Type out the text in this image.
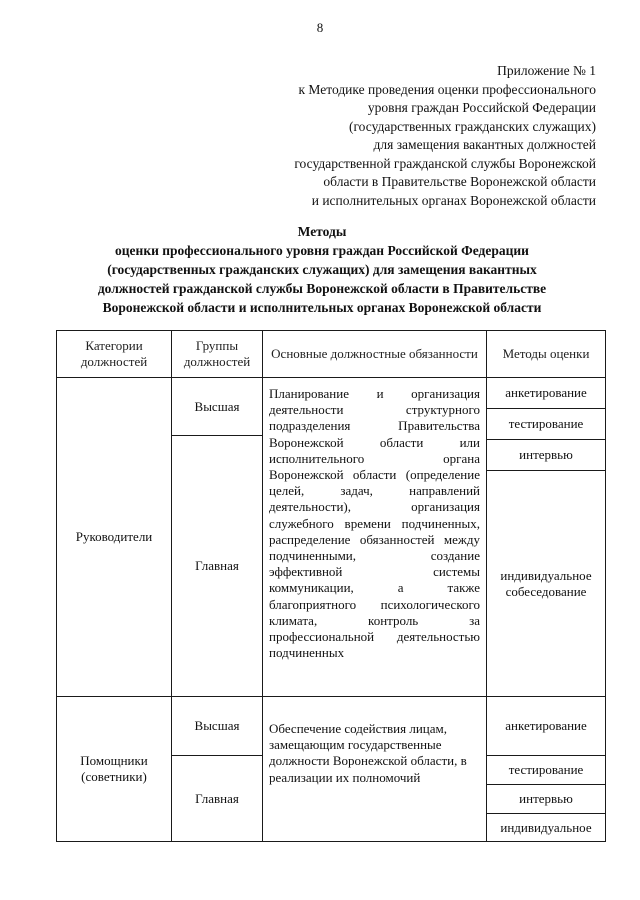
8
Приложение № 1
к Методике проведения оценки профессионального
уровня граждан Российской Федерации
(государственных гражданских служащих)
для замещения вакантных должностей
государственной гражданской службы Воронежской
области в Правительстве Воронежской области
и исполнительных органах Воронежской области
Методы
оценки профессионального уровня граждан Российской Федерации
(государственных гражданских служащих) для замещения вакантных
должностей гражданской службы Воронежской области в Правительстве
Воронежской области и исполнительных органах Воронежской области
Категории должностей
Группы должностей
Основные должностные обязанности Методы оценки
Руководители
Высшая
Главная
Планирование и организация деятельности структурного подразделения Правительства Воронежской области или исполнительного органа Воронежской области (определение целей, задач, направлений деятельности), организация служебного времени подчиненных, распределение обязанностей между подчиненными, создание эффективной системы коммуникации, а также благоприятного психологического климата, контроль за профессиональной деятельностью подчиненных
анкетирование
тестирование
интервью
индивидуальное собеседование
Помощники (советники)
Высшая
Главная
Обеспечение содействия лицам, замещающим государственные должности Воронежской области, в реализации их полномочий
анкетирование
тестирование
интервью
индивидуальное
